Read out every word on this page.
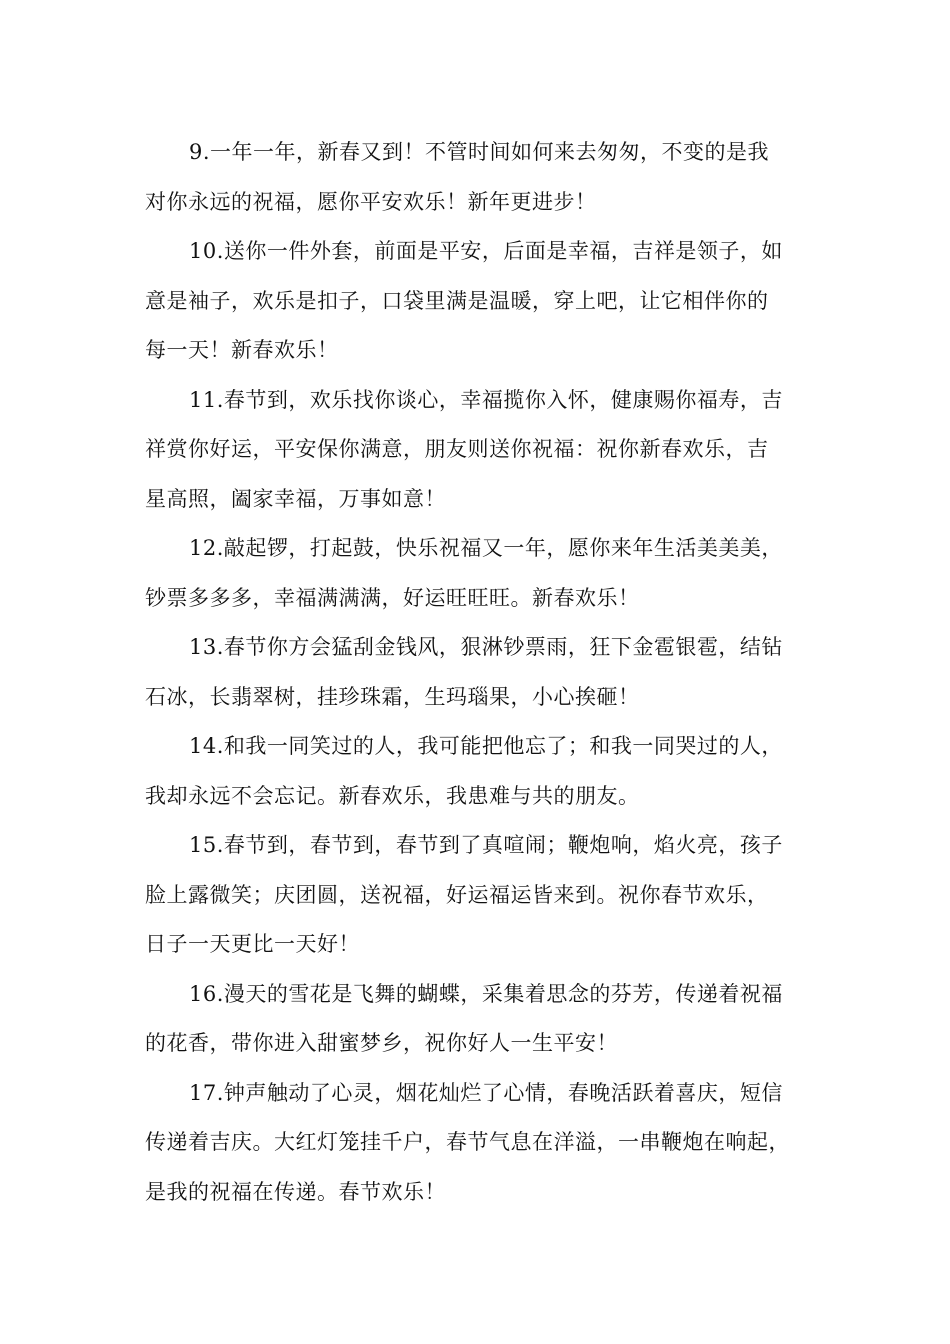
9.一年一年，新春又到！不管时间如何来去匆匆，不变的是我
对你永远的祝福，愿你平安欢乐！新年更进步！
10.送你一件外套，前面是平安，后面是幸福，吉祥是领子，如
意是袖子，欢乐是扣子，口袋里满是温暖，穿上吧，让它相伴你的
每一天！新春欢乐！
11.春节到，欢乐找你谈心，幸福揽你入怀，健康赐你福寿，吉
祥赏你好运，平安保你满意，朋友则送你祝福：祝你新春欢乐，吉
星高照，阖家幸福，万事如意！
12.敲起锣，打起鼓，快乐祝福又一年，愿你来年生活美美美，
钞票多多多，幸福满满满，好运旺旺旺。新春欢乐！
13.春节你方会猛刮金钱风，狠淋钞票雨，狂下金雹银雹，结钻
石冰，长翡翠树，挂珍珠霜，生玛瑙果，小心挨砸！
14.和我一同笑过的人，我可能把他忘了；和我一同哭过的人，
我却永远不会忘记。新春欢乐，我患难与共的朋友。
15.春节到，春节到，春节到了真喧闹；鞭炮响，焰火亮，孩子
脸上露微笑；庆团圆，送祝福，好运福运皆来到。祝你春节欢乐，
日子一天更比一天好！
16.漫天的雪花是飞舞的蝴蝶，采集着思念的芬芳，传递着祝福
的花香，带你进入甜蜜梦乡，祝你好人一生平安！
17.钟声触动了心灵，烟花灿烂了心情，春晚活跃着喜庆，短信
传递着吉庆。大红灯笼挂千户，春节气息在洋溢，一串鞭炮在响起，
是我的祝福在传递。春节欢乐！
